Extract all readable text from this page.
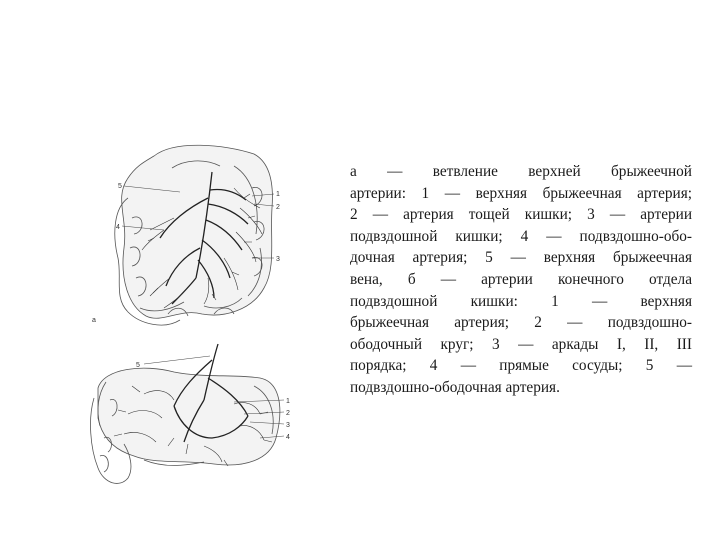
5
4
1
2
3
а
5
1
2
3
4
а — ветвление верхней брыжеечной
артерии: 1 — верхняя брыжеечная артерия;
2 — артерия тощей кишки; 3 — артерии
подвздошной кишки; 4 — подвздошно-обо-
дочная артерия; 5 — верхняя брыжеечная
вена, б — артерии конечного отдела
подвздошной кишки: 1 — верхняя
брыжеечная артерия; 2 — подвздошно-
ободочный круг; 3 — аркады I, II, III
порядка; 4 — прямые сосуды; 5 —
подвздошно-ободочная артерия.
